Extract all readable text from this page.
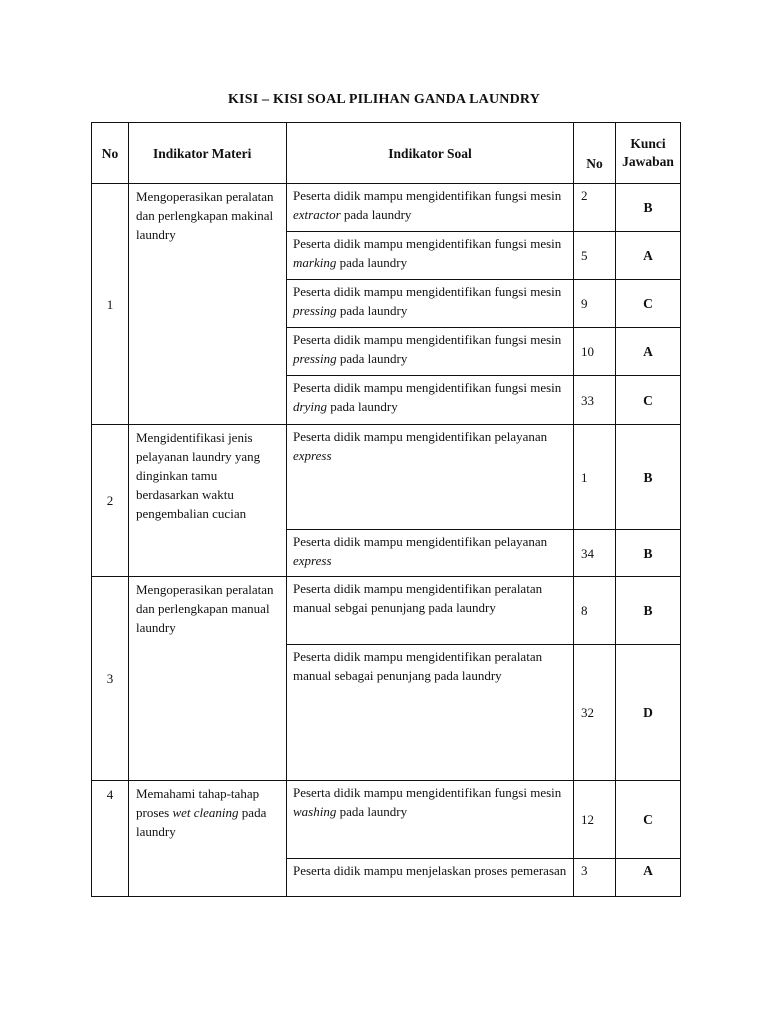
KISI – KISI SOAL PILIHAN GANDA LAUNDRY
No	Indikator Materi	Indikator Soal	No	Kunci Jawaban
1	Mengoperasikan peralatan dan perlengkapan makinal laundry	Peserta didik mampu mengidentifikan fungsi mesin extractor pada laundry	2	B
		Peserta didik mampu mengidentifikan fungsi mesin marking pada laundry	5	A
		Peserta didik mampu mengidentifikan fungsi mesin pressing pada laundry	9	C
		Peserta didik mampu mengidentifikan fungsi mesin pressing pada laundry	10	A
		Peserta didik mampu mengidentifikan fungsi mesin drying pada laundry	33	C
2	Mengidentifikasi jenis pelayanan laundry yang dinginkan tamu berdasarkan waktu pengembalian cucian	Peserta didik mampu mengidentifikan pelayanan express	1	B
		Peserta didik mampu mengidentifikan pelayanan express	34	B
3	Mengoperasikan peralatan dan perlengkapan manual laundry	Peserta didik mampu mengidentifikan peralatan manual sebgai penunjang pada laundry	8	B
		Peserta didik mampu mengidentifikan peralatan manual sebagai penunjang pada laundry	32	D
4	Memahami tahap-tahap proses wet cleaning pada laundry	Peserta didik mampu mengidentifikan fungsi mesin washing pada laundry	12	C
		Peserta didik mampu menjelaskan proses pemerasan	3	A
